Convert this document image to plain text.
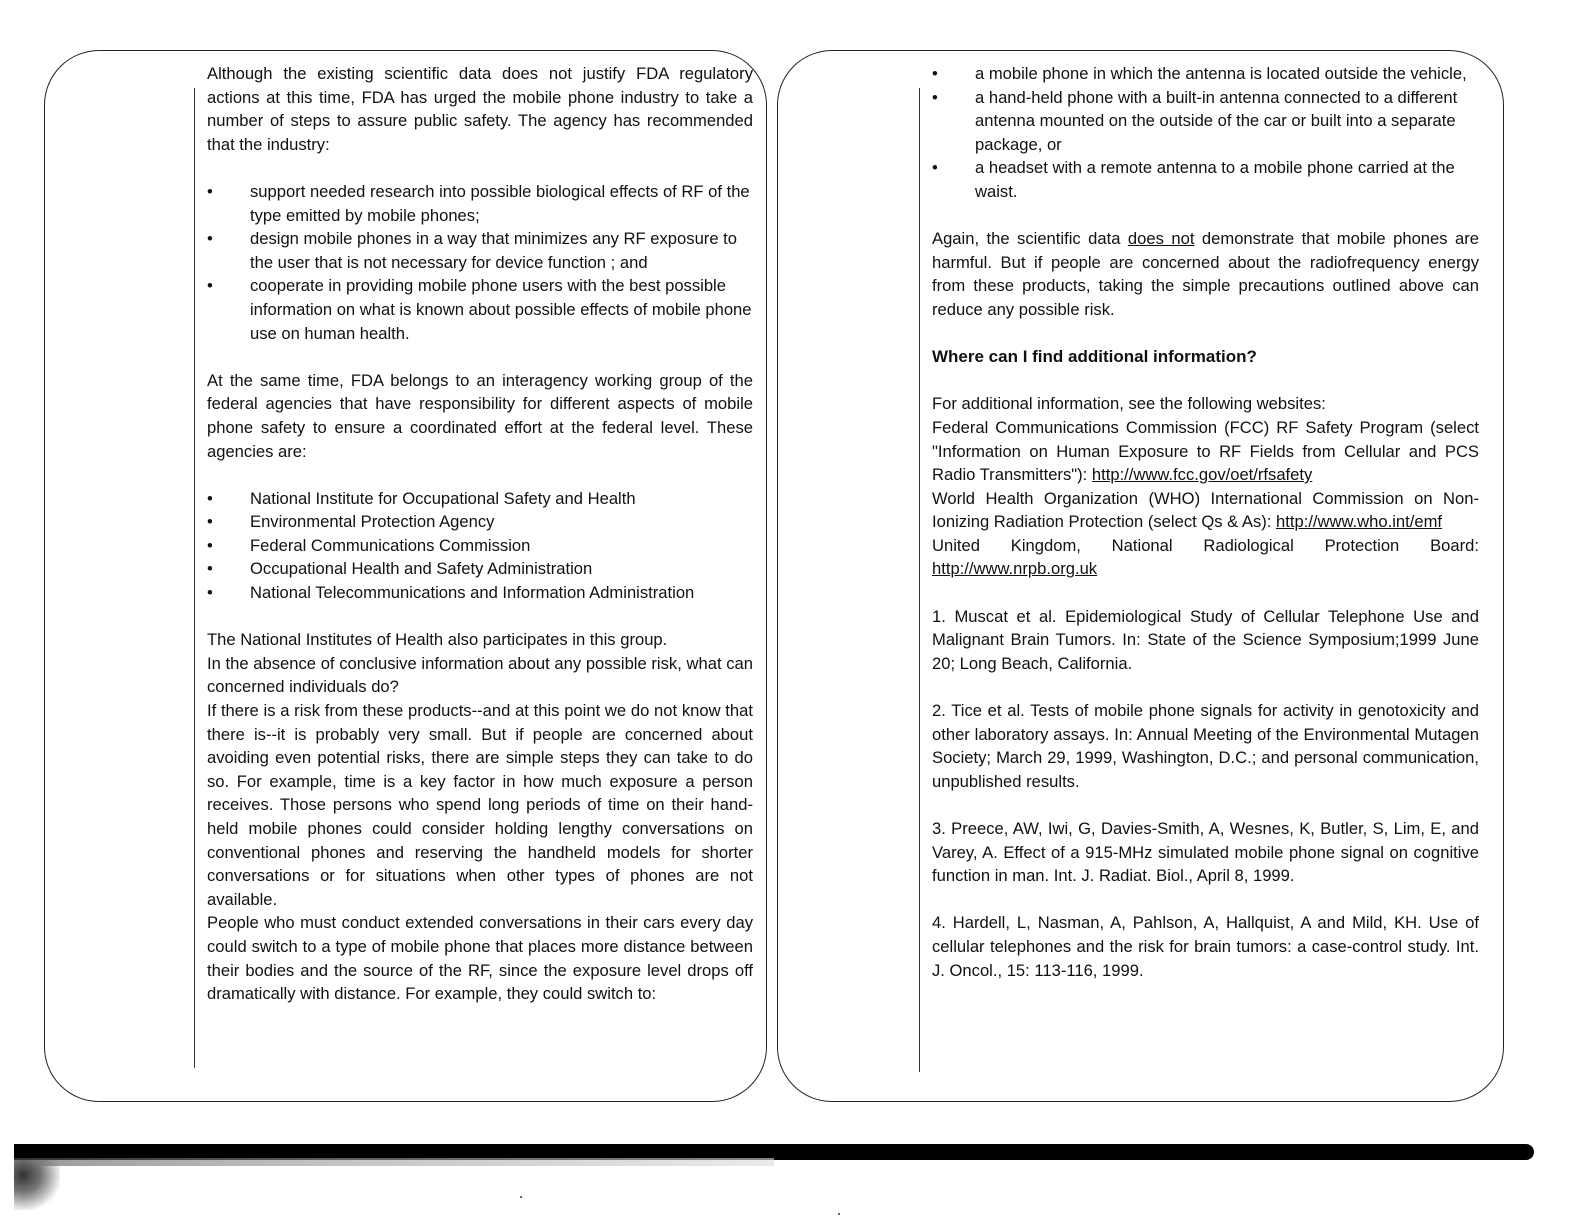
Although the existing scientific data does not justify FDA regulatory actions at this time, FDA has urged the mobile phone industry to take a number of steps to assure public safety. The agency has recommended that the industry:

• support needed research into possible biological effects of RF of the type emitted by mobile phones;
• design mobile phones in a way that minimizes any RF exposure to the user that is not necessary for device function ; and
• cooperate in providing mobile phone users with the best possible information on what is known about possible effects of mobile phone use on human health.

At the same time, FDA belongs to an interagency working group of the federal agencies that have responsibility for different aspects of mobile phone safety to ensure a coordinated effort at the federal level. These agencies are:

• National Institute for Occupational Safety and Health
• Environmental Protection Agency
• Federal Communications Commission
• Occupational Health and Safety Administration
• National Telecommunications and Information Administration

The National Institutes of Health also participates in this group.

In the absence of conclusive information about any possible risk, what can concerned individuals do?

If there is a risk from these products--and at this point we do not know that there is--it is probably very small. But if people are concerned about avoiding even potential risks, there are simple steps they can take to do so. For example, time is a key factor in how much exposure a person receives. Those persons who spend long periods of time on their hand-held mobile phones could consider holding lengthy conversations on conventional phones and reserving the handheld models for shorter conversations or for situations when other types of phones are not available.

People who must conduct extended conversations in their cars every day could switch to a type of mobile phone that places more distance between their bodies and the source of the RF, since the exposure level drops off dramatically with distance. For example, they could switch to:

• a mobile phone in which the antenna is located outside the vehicle,
• a hand-held phone with a built-in antenna connected to a different antenna mounted on the outside of the car or built into a separate package, or
• a headset with a remote antenna to a mobile phone carried at the waist.

Again, the scientific data does not demonstrate that mobile phones are harmful. But if people are concerned about the radiofrequency energy from these products, taking the simple precautions outlined above can reduce any possible risk.

Where can I find additional information?

For additional information, see the following websites:

Federal Communications Commission (FCC) RF Safety Program (select "Information on Human Exposure to RF Fields from Cellular and PCS Radio Transmitters"): http://www.fcc.gov/oet/rfsafety

World Health Organization (WHO) International Commission on Non-Ionizing Radiation Protection (select Qs & As): http://www.who.int/emf

United Kingdom, National Radiological Protection Board: http://www.nrpb.org.uk

1. Muscat et al. Epidemiological Study of Cellular Telephone Use and Malignant Brain Tumors. In: State of the Science Symposium;1999 June 20; Long Beach, California.

2. Tice et al. Tests of mobile phone signals for activity in genotoxicity and other laboratory assays. In: Annual Meeting of the Environmental Mutagen Society; March 29, 1999, Washington, D.C.; and personal communication, unpublished results.

3. Preece, AW, Iwi, G, Davies-Smith, A, Wesnes, K, Butler, S, Lim, E, and Varey, A. Effect of a 915-MHz simulated mobile phone signal on cognitive function in man. Int. J. Radiat. Biol., April 8, 1999.

4. Hardell, L, Nasman, A, Pahlson, A, Hallquist, A and Mild, KH. Use of cellular telephones and the risk for brain tumors: a case-control study. Int. J. Oncol., 15: 113-116, 1999.
